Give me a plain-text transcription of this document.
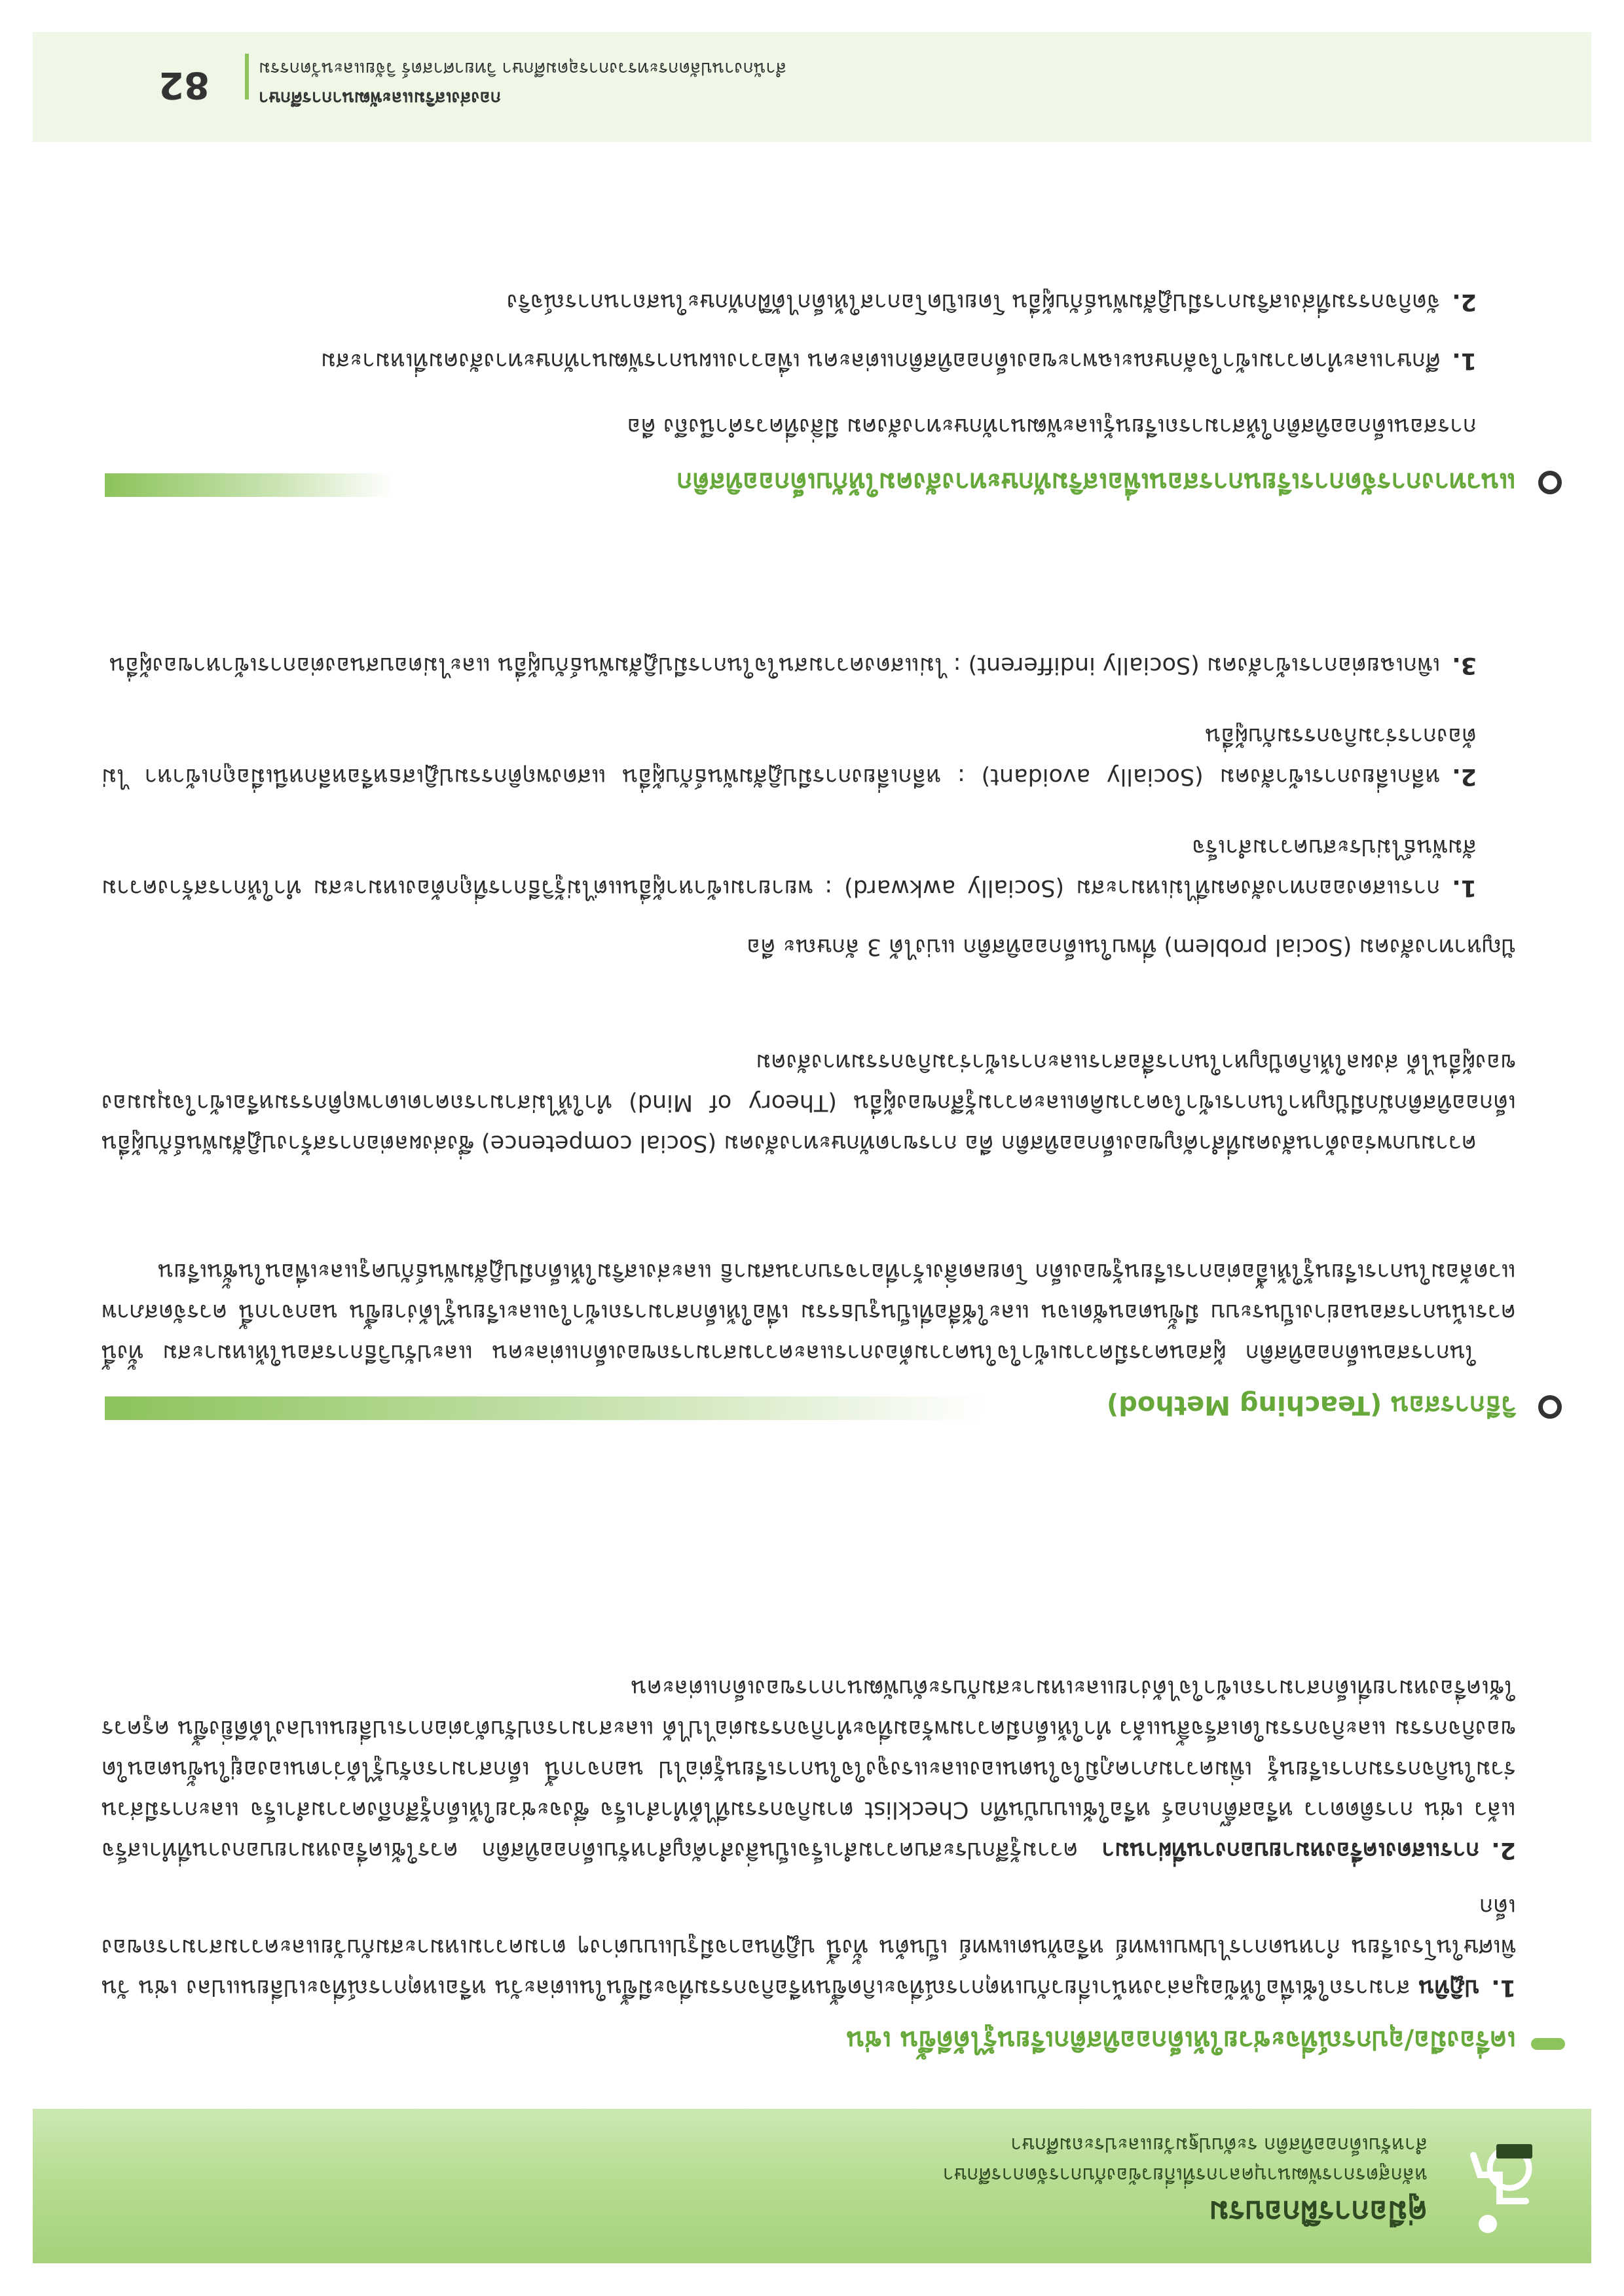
คู่มือการฝึกอบรม
หลักสูตรการพัฒนาบุคลากรที่เกี่ยวข้องกับการจัดการศึกษา
สำหรับเด็กออทิสติก ระดับปฐมวัยและประถมศึกษา
เครื่องมือ/อุปกรณ์ที่จะช่วยให้เด็กออทิสติกเรียนรู้ได้ดีขึ้น เช่น

1.ปฏิทิน สามารถใช้เพื่อให้ข้อมูลล่วงหน้าเกี่ยวกับเหตุการณ์ที่จะเกิดขึ้นหรือกิจกรรมที่จะมีขึ้นในแต่ละวัน หรือเหตุการณ์ที่จะเปลี่ยนแปลง เช่น วันพิเศษในโรงเรียน กำหนดการไปพบแพทย์ หรือทันตแพทย์ เป็นต้น ทั้งนี้ ปฏิทินอาจมีรูปแบบต่างๆ ตามความเหมาะสมกับวัยและความสามารถของเด็ก

2.การแสดงเครื่องหมายบอกงานที่ผ่านมา ความรู้สึกประสบความสำเร็จเป็นสิ่งสำคัญสำหรับเด็กออทิสติก ควรใช้เครื่องหมายบอกงานที่ทำเสร็จแล้ว เช่น การติดดาว หรือสติ๊กเกอร์ หรือใช้แบบบันทึก Checklist ตามกิจกรรมที่ได้ทำสำเร็จ ซึ่งจะช่วยให้เด็กรู้สึกถึงความสำเร็จ และการมีส่วนร่วมในกิจกรรมการเรียนรู้ เพิ่มความภาคภูมิใจในตนเองและแรงจูงใจในการเรียนรู้ต่อไป นอกจากนี้ เด็กสามารถรับรู้ได้ว่าตนเองอยู่ในขั้นตอนใดของกิจกรรม และกิจกรรมใดเสร็จสิ้นแล้ว ทำให้เด็กมีความพร้อมที่จะทำกิจกรรมต่อไปได้ และสามารถปรับตัวต่อการเปลี่ยนแปลงได้ดียิ่งขึ้น ครูควรใช้เครื่องหมายที่เด็กสามารถเข้าใจได้ง่ายและเหมาะสมกับระดับพัฒนาการของเด็กแต่ละคน

วิธีการสอน (Teaching Method)

ในการสอนเด็กออทิสติก ผู้สอนควรมีความเข้าใจในความต้องการและความสามารถของเด็กแต่ละคน และปรับวิธีการสอนให้เหมาะสม ทั้งนี้ ควรเน้นการสอนอย่างเป็นระบบ มีขั้นตอนชัดเจน และใช้สื่อที่เป็นรูปธรรม เพื่อให้เด็กสามารถเข้าใจและเรียนรู้ได้ง่ายขึ้น นอกจากนี้ ควรจัดสภาพแวดล้อมในการเรียนรู้ให้เอื้อต่อการเรียนรู้ของเด็ก โดยลดสิ่งเร้าที่อาจรบกวนสมาธิ และส่งเสริมให้เด็กมีปฏิสัมพันธ์กับครูและเพื่อนในชั้นเรียน

ความบกพร่องด้านสังคมที่สำคัญของเด็กออทิสติก คือ การขาดทักษะทางสังคม (Social competence) ซึ่งส่งผลต่อการสร้างปฏิสัมพันธ์กับผู้อื่น เด็กออทิสติกมักมีปัญหาในการเข้าใจความคิดและความรู้สึกของผู้อื่น (Theory of Mind) ทำให้ไม่สามารถคาดเดาพฤติกรรมหรือเข้าใจมุมมองของผู้อื่นได้ ส่งผลให้เกิดปัญหาในการสื่อสารและการเข้าร่วมกิจกรรมทางสังคม

ปัญหาทางสังคม (Social problem) ที่พบในเด็กออทิสติก แบ่งได้ 3 ลักษณะ คือ

1.การแสดงออกทางสังคมที่ไม่เหมาะสม (Socially awkward) : พยายามเข้าหาผู้อื่นแต่ไม่รู้วิธีการที่ถูกต้องเหมาะสม ทำให้การสร้างความสัมพันธ์ไม่ประสบความสำเร็จ

2.หลีกเลี่ยงการเข้าสังคม (Socially avoidant) : หลีกเลี่ยงการมีปฏิสัมพันธ์กับผู้อื่น แสดงพฤติกรรมปฏิเสธหรือหลีกหนีเมื่อถูกเข้าหา ไม่ต้องการร่วมกิจกรรมกับผู้อื่น

3.เพิกเฉยต่อการเข้าสังคม (Socially indifferent) : ไม่แสดงความสนใจในการมีปฏิสัมพันธ์กับผู้อื่น และไม่ตอบสนองต่อการเข้าหาของผู้อื่น

แนวทางการจัดการเรียนการสอนเพื่อเสริมทักษะทางสังคมให้กับเด็กออทิสติก

การสอนเด็กออทิสติกให้สามารถเรียนรู้และพัฒนาทักษะทางสังคม มีสิ่งที่ควรคำนึงถึง คือ

1.ศึกษาและทำความเข้าใจลักษณะเฉพาะของเด็กออทิสติกแต่ละคน เพื่อวางแผนการพัฒนาทักษะทางสังคมที่เหมาะสม

2.จัดกิจกรรมที่ส่งเสริมการมีปฏิสัมพันธ์กับผู้อื่น โดยเปิดโอกาสให้เด็กได้ฝึกทักษะในสถานการณ์จริง

กองส่งเสริมและพัฒนาการศึกษา
สำนักงานปลัดกระทรวงการอุดมศึกษา วิทยาศาสตร์ วิจัยและนวัตกรรม
82
